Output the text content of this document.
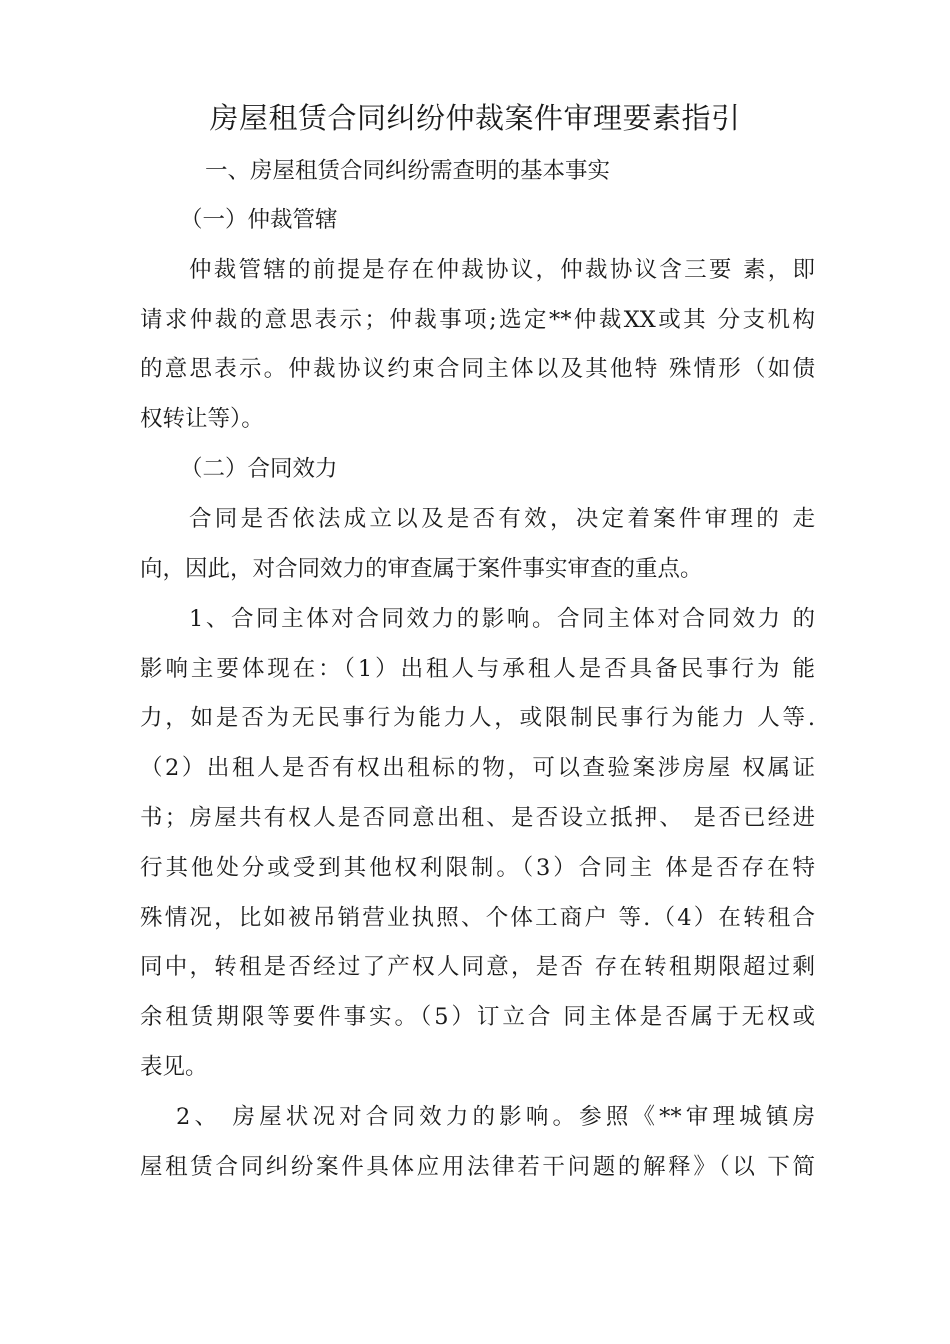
房屋租赁合同纠纷仲裁案件审理要素指引

一、房屋租赁合同纠纷需查明的基本事实

（一）仲裁管辖

仲裁管辖的前提是存在仲裁协议，仲裁协议含三要 素，即

请求仲裁的意思表示；仲裁事项;选定**仲裁XX或其 分支机构

的意思表示。仲裁协议约束合同主体以及其他特 殊情形（如债

权转让等）。

（二）合同效力

合同是否依法成立以及是否有效，决定着案件审理的 走

向，因此，对合同效力的审查属于案件事实审查的重点。

1、合同主体对合同效力的影响。合同主体对合同效力 的

影响主要体现在：（1）出租人与承租人是否具备民事行为 能

力，如是否为无民事行为能力人，或限制民事行为能力 人等.

（2）出租人是否有权出租标的物，可以查验案涉房屋 权属证

书；房屋共有权人是否同意出租、是否设立抵押、 是否已经进

行其他处分或受到其他权利限制。（3）合同主 体是否存在特

殊情况，比如被吊销营业执照、个体工商户 等.（4）在转租合

同中，转租是否经过了产权人同意，是否 存在转租期限超过剩

余租赁期限等要件事实。（5）订立合 同主体是否属于无权或

表见。

2、 房屋状况对合同效力的影响。参照《**审理城镇房

屋租赁合同纠纷案件具体应用法律若干问题的解释》（以 下简
